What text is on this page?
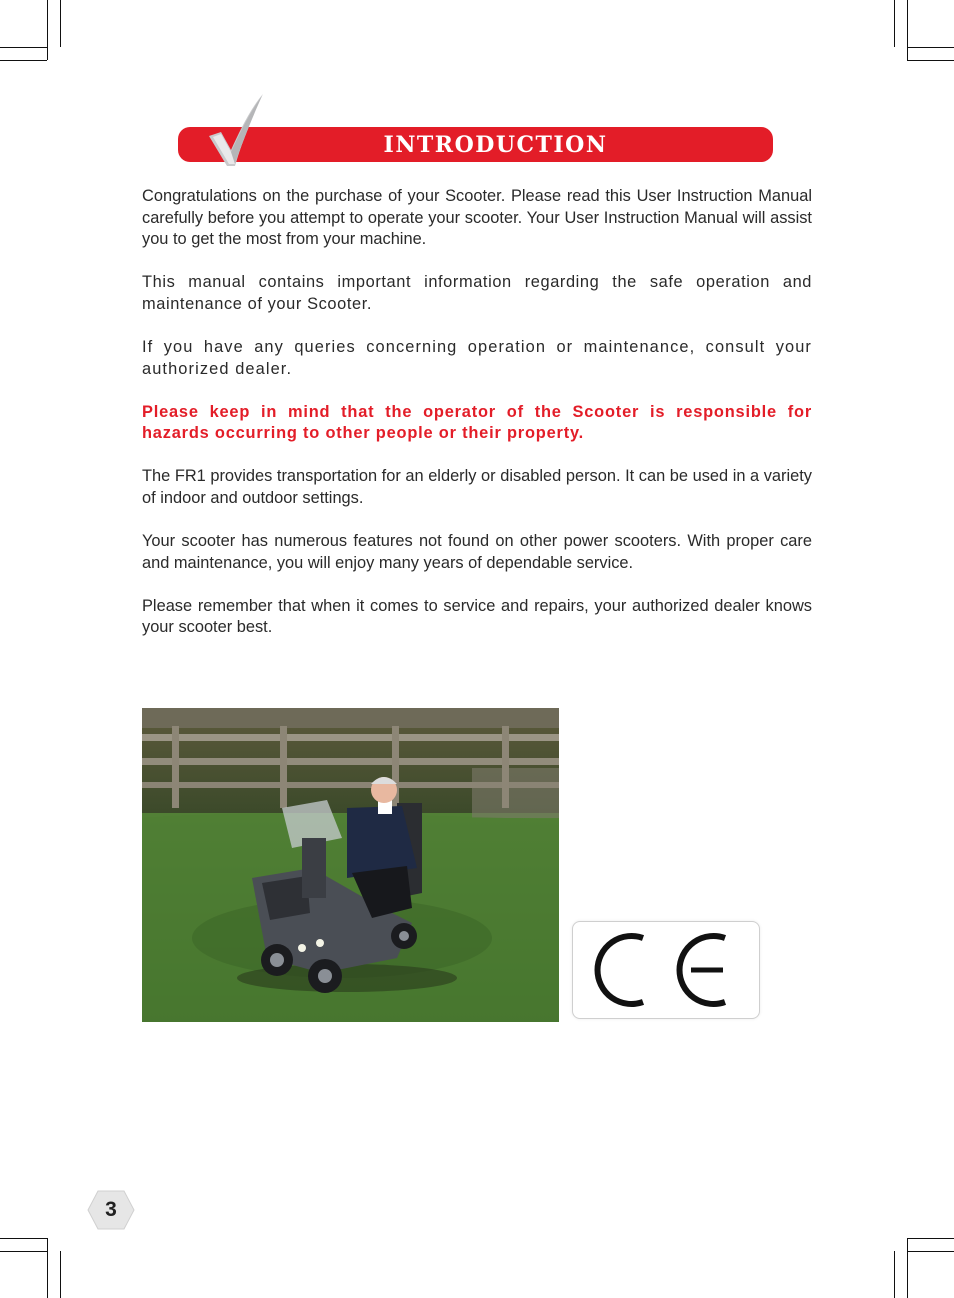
INTRODUCTION

Congratulations on the purchase of your Scooter. Please read this User Instruction Manual carefully before you attempt to operate your scooter. Your User Instruction Manual will assist you to get the most from your machine.

This manual contains important information regarding the safe operation and maintenance of your Scooter.

If you have any queries concerning operation or maintenance, consult your authorized dealer.

Please keep in mind that the operator of the Scooter is responsible for hazards occurring to other people or their property.

The FR1 provides transportation for an elderly or disabled person. It can be used in a variety of indoor and outdoor settings.

Your scooter has numerous features not found on other power scooters. With proper care and maintenance, you will enjoy many years of dependable service.

Please remember that when it comes to service and repairs, your authorized dealer knows your scooter best.

3
